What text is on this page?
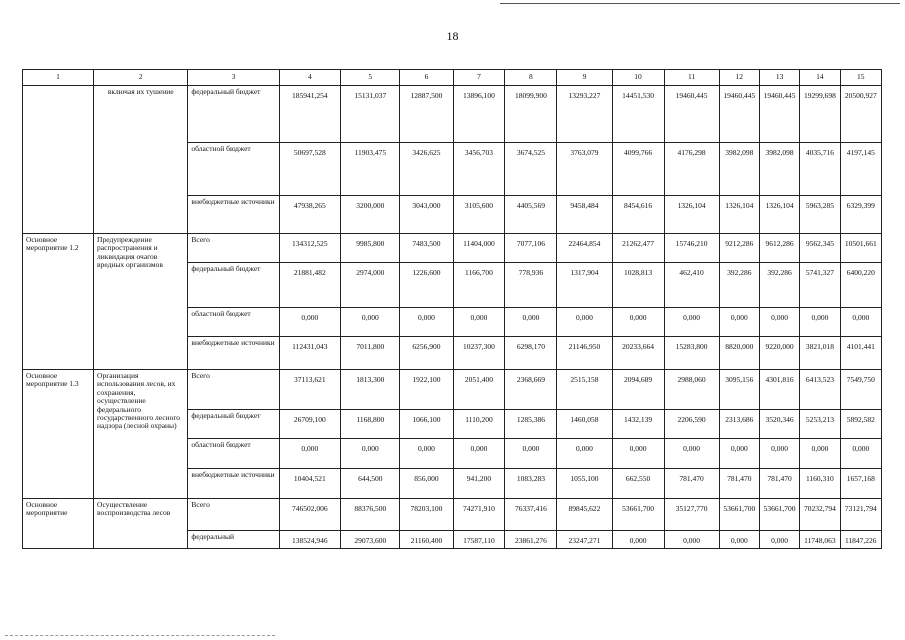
18
1	2	3	4	5	6	7	8	9	10	11	12	13	14	15
	включая их тушение	федеральный бюджет	185941,254	15131,037	12887,500	13896,100	18099,900	13293,227	14451,530	19460,445	19460,445	19460,445	19299,698	20500,927
		областной бюджет	50697,528	11903,475	3426,625	3456,703	3674,525	3763,079	4099,766	4176,298	3982,098	3982,098	4035,716	4197,145
		внебюджетные источники	47938,265	3200,000	3043,000	3105,600	4405,569	9458,484	8454,616	1326,104	1326,104	1326,104	5963,285	6329,399
Основное мероприятие 1.2	Предупреждение распространения и ликвидация очагов вредных организмов	Всего	134312,525	9985,800	7483,500	11404,000	7077,106	22464,854	21262,477	15746,210	9212,286	9612,286	9562,345	10501,661
		федеральный бюджет	21881,482	2974,000	1226,600	1166,700	778,936	1317,904	1028,813	462,410	392,286	392,286	5741,327	6400,220
		областной бюджет	0,000	0,000	0,000	0,000	0,000	0,000	0,000	0,000	0,000	0,000	0,000	0,000
		внебюджетные источники	112431,043	7011,800	6256,900	10237,300	6298,170	21146,950	20233,664	15283,800	8820,000	9220,000	3821,018	4101,441
Основное мероприятие 1.3	Организация использования лесов, их сохранения, осуществление федерального государственного лесного надзора (лесной охраны)	Всего	37113,621	1813,300	1922,100	2051,400	2368,669	2515,158	2094,689	2988,060	3095,156	4301,816	6413,523	7549,750
		федеральный бюджет	26709,100	1168,800	1066,100	1110,200	1285,386	1460,058	1432,139	2206,590	2313,686	3520,346	5253,213	5892,582
		областной бюджет	0,000	0,000	0,000	0,000	0,000	0,000	0,000	0,000	0,000	0,000	0,000	0,000
		внебюджетные источники	10404,521	644,500	856,000	941,200	1083,283	1055,100	662,550	781,470	781,470	781,470	1160,310	1657,168
Основное мероприятие	Осуществление воспроизводства лесов	Всего	746502,006	88376,500	78203,100	74271,910	76337,416	89845,622	53661,700	35127,770	53661,700	53661,700	70232,794	73121,794
		федеральный	138524,946	29073,600	21160,400	17587,110	23861,276	23247,271	0,000	0,000	0,000	0,000	11748,063	11847,226
